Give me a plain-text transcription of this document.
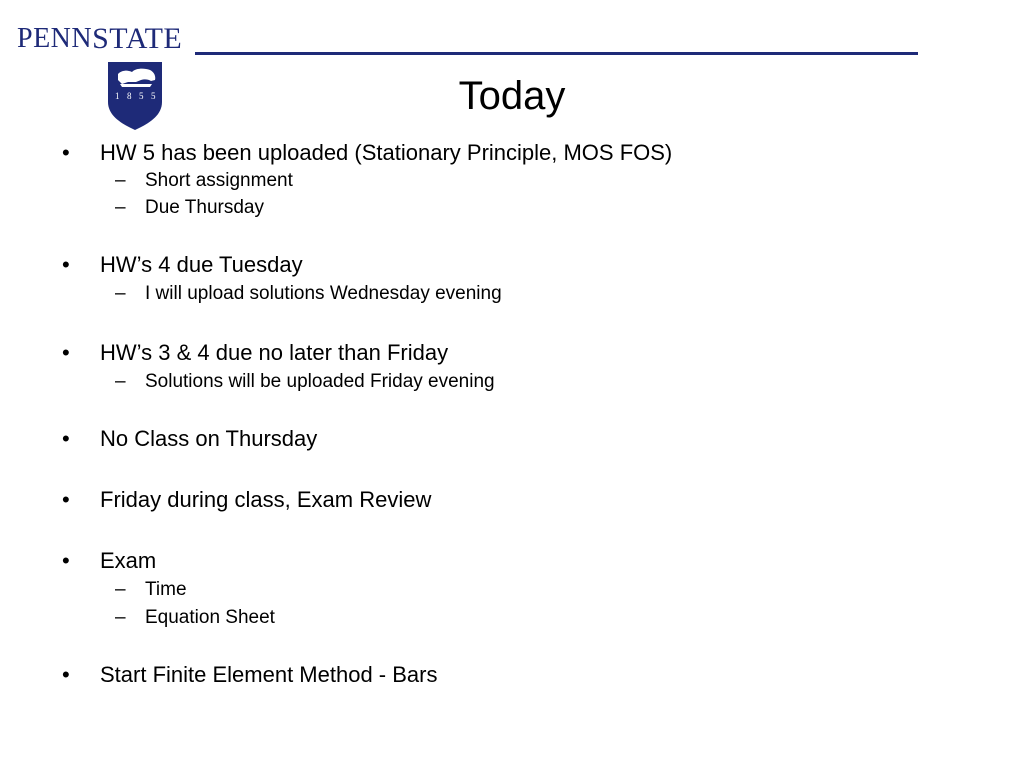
PENN STATE
1 8 5 5	Today
• HW 5 has been uploaded (Stationary Principle, MOS FOS)
– Short assignment
– Due Thursday
• HW’s 4 due Tuesday
– I will upload solutions Wednesday evening
• HW’s 3 & 4 due no later than Friday
– Solutions will be uploaded Friday evening
• No Class on Thursday
• Friday during class, Exam Review
• Exam
– Time
– Equation Sheet
• Start Finite Element Method - Bars
